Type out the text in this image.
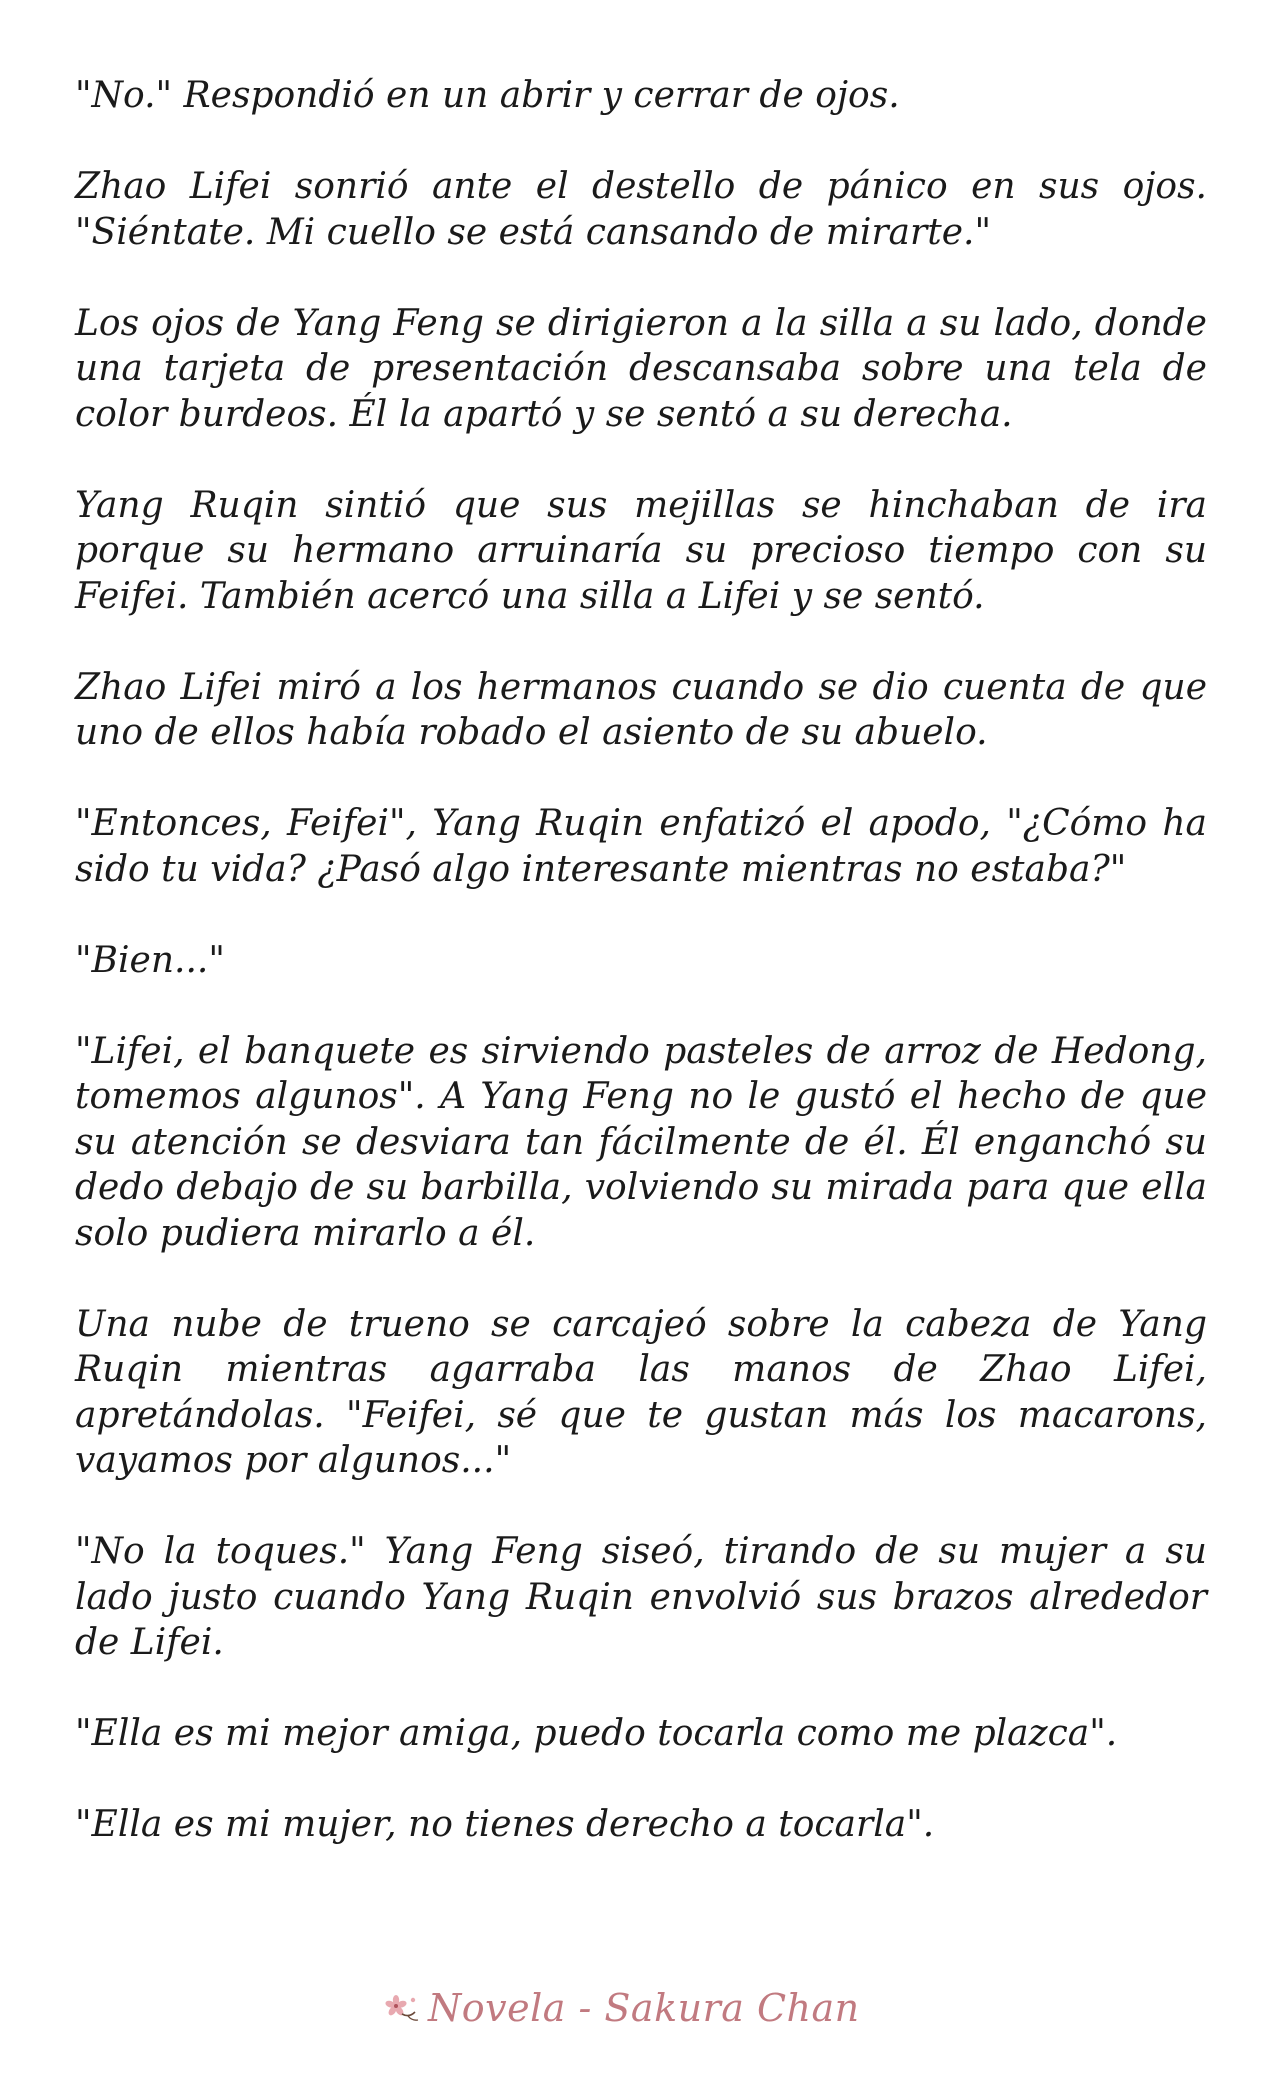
"No." Respondió en un abrir y cerrar de ojos.

Zhao Lifei sonrió ante el destello de pánico en sus ojos. "Siéntate. Mi cuello se está cansando de mirarte."

Los ojos de Yang Feng se dirigieron a la silla a su lado, donde una tarjeta de presentación descansaba sobre una tela de color burdeos. Él la apartó y se sentó a su derecha.

Yang Ruqin sintió que sus mejillas se hinchaban de ira porque su hermano arruinaría su precioso tiempo con su Feifei. También acercó una silla a Lifei y se sentó.

Zhao Lifei miró a los hermanos cuando se dio cuenta de que uno de ellos había robado el asiento de su abuelo.

"Entonces, Feifei", Yang Ruqin enfatizó el apodo, "¿Cómo ha sido tu vida? ¿Pasó algo interesante mientras no estaba?"

"Bien..."

"Lifei, el banquete es sirviendo pasteles de arroz de Hedong, tomemos algunos". A Yang Feng no le gustó el hecho de que su atención se desviara tan fácilmente de él. Él enganchó su dedo debajo de su barbilla, volviendo su mirada para que ella solo pudiera mirarlo a él.

Una nube de trueno se carcajeó sobre la cabeza de Yang Ruqin mientras agarraba las manos de Zhao Lifei, apretándolas. "Feifei, sé que te gustan más los macarons, vayamos por algunos..."

"No la toques." Yang Feng siseó, tirando de su mujer a su lado justo cuando Yang Ruqin envolvió sus brazos alrededor de Lifei.

"Ella es mi mejor amiga, puedo tocarla como me plazca".

"Ella es mi mujer, no tienes derecho a tocarla".

Novela - Sakura Chan
